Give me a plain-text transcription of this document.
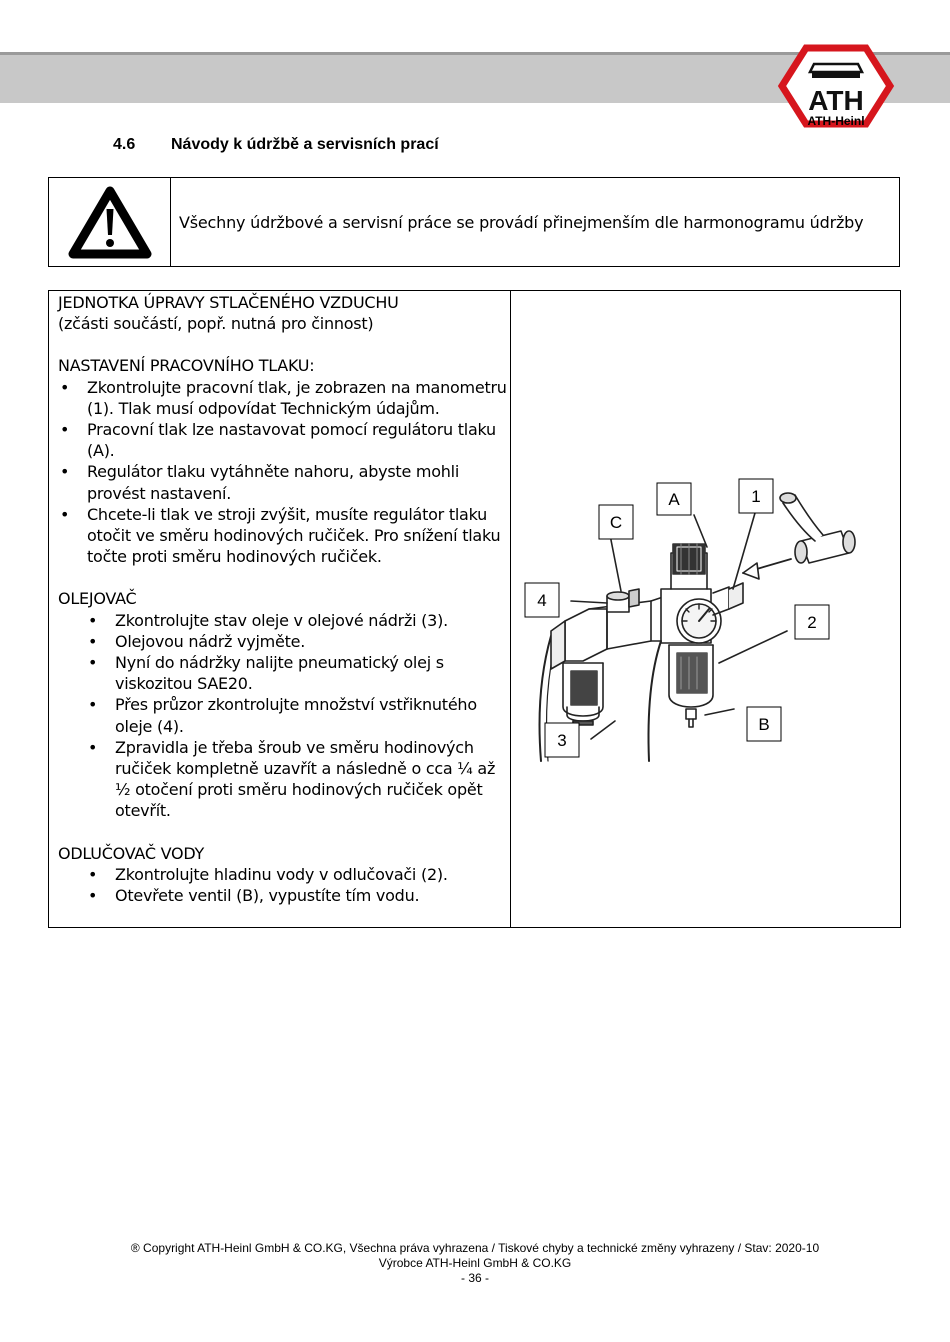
ATH
ATH-Heinl
4.6 Návody k údržbě a servisních prací
Všechny údržbové a servisní práce se provádí přinejmenším dle harmonogramu údržby

JEDNOTKA ÚPRAVY STLAČENÉHO VZDUCHU

(zčásti součástí, popř. nutná pro činnost)

NASTAVENÍ PRACOVNÍHO TLAKU:

• Zkontrolujte pracovní tlak, je zobrazen na manometru (1). Tlak musí odpovídat Technickým údajům.
• Pracovní tlak lze nastavovat pomocí regulátoru tlaku (A).
• Regulátor tlaku vytáhněte nahoru, abyste mohli provést nastavení.
• Chcete-li tlak ve stroji zvýšit, musíte regulátor tlaku otočit ve směru hodinových ručiček. Pro snížení tlaku točte proti směru hodinových ručiček.

OLEJOVAČ

• Zkontrolujte stav oleje v olejové nádrži (3).
• Olejovou nádrž vyjměte.
• Nyní do nádržky nalijte pneumatický olej s viskozitou SAE20.
• Přes průzor zkontrolujte množství vstřiknutého oleje (4).
• Zpravidla je třeba šroub ve směru hodinových ručiček kompletně uzavřít a následně o cca ¼ až ½ otočení proti směru hodinových ručiček opět otevřít.

ODLUČOVAČ VODY

• Zkontrolujte hladinu vody v odlučovači (2).
• Otevřete ventil (B), vypustíte tím vodu.
A	1
C
4
2
B
3
® Copyright ATH-Heinl GmbH & CO.KG, Všechna práva vyhrazena / Tiskové chyby a technické změny vyhrazeny / Stav: 2020-10
Výrobce ATH-Heinl GmbH & CO.KG
- 36 -
